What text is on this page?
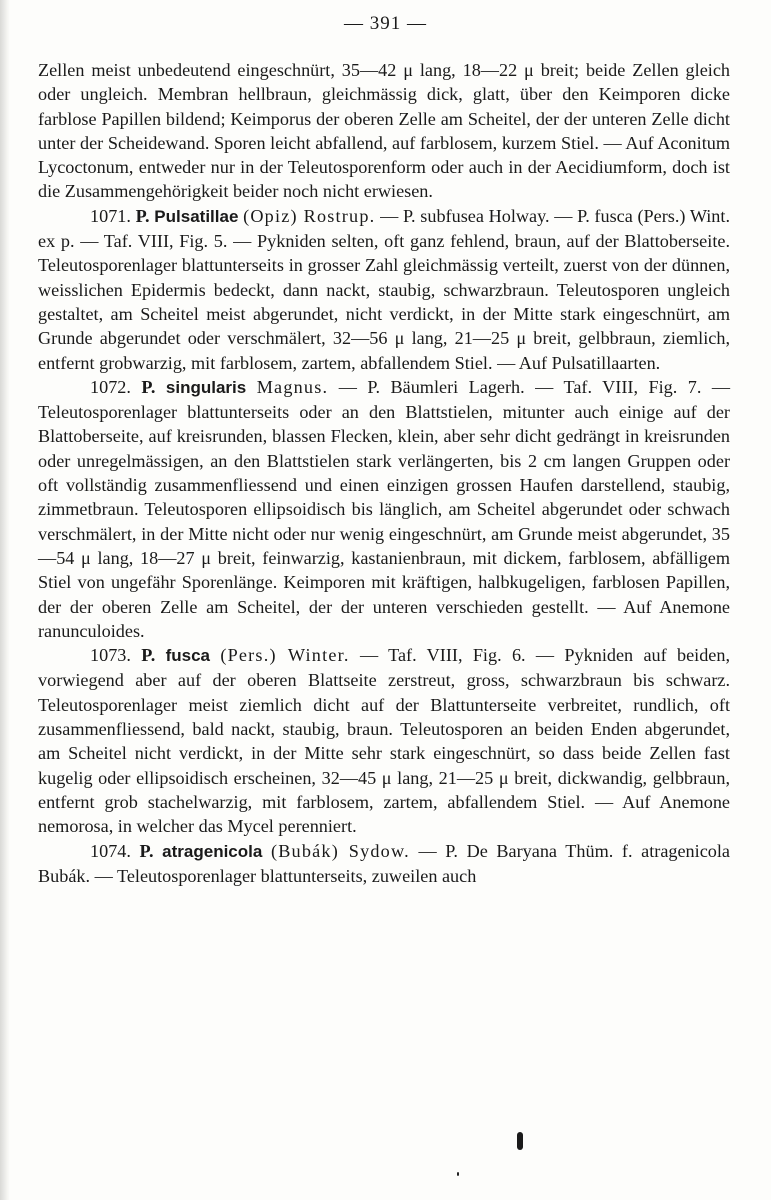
— 391 —

Zellen meist unbedeutend eingeschnürt, 35—42 μ lang, 18—22 μ breit; beide Zellen gleich oder ungleich. Membran hellbraun, gleichmässig dick, glatt, über den Keimporen dicke farblose Papillen bildend; Keimporus der oberen Zelle am Scheitel, der der unteren Zelle dicht unter der Scheidewand. Sporen leicht abfallend, auf farblosem, kurzem Stiel. — Auf Aconitum Lycoctonum, entweder nur in der Teleutosporenform oder auch in der Aecidiumform, doch ist die Zusammengehörigkeit beider noch nicht erwiesen.

1071. P. Pulsatillae (Opiz) Rostrup. — P. subfusea Holway. — P. fusca (Pers.) Wint. ex p. — Taf. VIII, Fig. 5. — Pykniden selten, oft ganz fehlend, braun, auf der Blattoberseite. Teleutosporenlager blattunterseits in grosser Zahl gleichmässig verteilt, zuerst von der dünnen, weisslichen Epidermis bedeckt, dann nackt, staubig, schwarzbraun. Teleutosporen ungleich gestaltet, am Scheitel meist abgerundet, nicht verdickt, in der Mitte stark eingeschnürt, am Grunde abgerundet oder verschmälert, 32—56 μ lang, 21—25 μ breit, gelbbraun, ziemlich, entfernt grobwarzig, mit farblosem, zartem, abfallendem Stiel. — Auf Pulsatillaarten.

1072. P. singularis Magnus. — P. Bäumleri Lagerh. — Taf. VIII, Fig. 7. — Teleutosporenlager blattunterseits oder an den Blattstielen, mitunter auch einige auf der Blattoberseite, auf kreisrunden, blassen Flecken, klein, aber sehr dicht gedrängt in kreisrunden oder unregelmässigen, an den Blattstielen stark verlängerten, bis 2 cm langen Gruppen oder oft vollständig zusammenfliessend und einen einzigen grossen Haufen darstellend, staubig, zimmetbraun. Teleutosporen ellipsoidisch bis länglich, am Scheitel abgerundet oder schwach verschmälert, in der Mitte nicht oder nur wenig eingeschnürt, am Grunde meist abgerundet, 35—54 μ lang, 18—27 μ breit, feinwarzig, kastanienbraun, mit dickem, farblosem, abfälligem Stiel von ungefähr Sporenlänge. Keimporen mit kräftigen, halbkugeligen, farblosen Papillen, der der oberen Zelle am Scheitel, der der unteren verschieden gestellt. — Auf Anemone ranunculoides.

1073. P. fusca (Pers.) Winter. — Taf. VIII, Fig. 6. — Pykniden auf beiden, vorwiegend aber auf der oberen Blattseite zerstreut, gross, schwarzbraun bis schwarz. Teleutosporenlager meist ziemlich dicht auf der Blattunterseite verbreitet, rundlich, oft zusammenfliessend, bald nackt, staubig, braun. Teleutosporen an beiden Enden abgerundet, am Scheitel nicht verdickt, in der Mitte sehr stark eingeschnürt, so dass beide Zellen fast kugelig oder ellipsoidisch erscheinen, 32—45 μ lang, 21—25 μ breit, dickwandig, gelbbraun, entfernt grob stachelwarzig, mit farblosem, zartem, abfallendem Stiel. — Auf Anemone nemorosa, in welcher das Mycel perenniert.

1074. P. atragenicola (Bubák) Sydow. — P. De Baryana Thüm. f. atragenicola Bubák. — Teleutosporenlager blattunterseits, zuweilen auch
